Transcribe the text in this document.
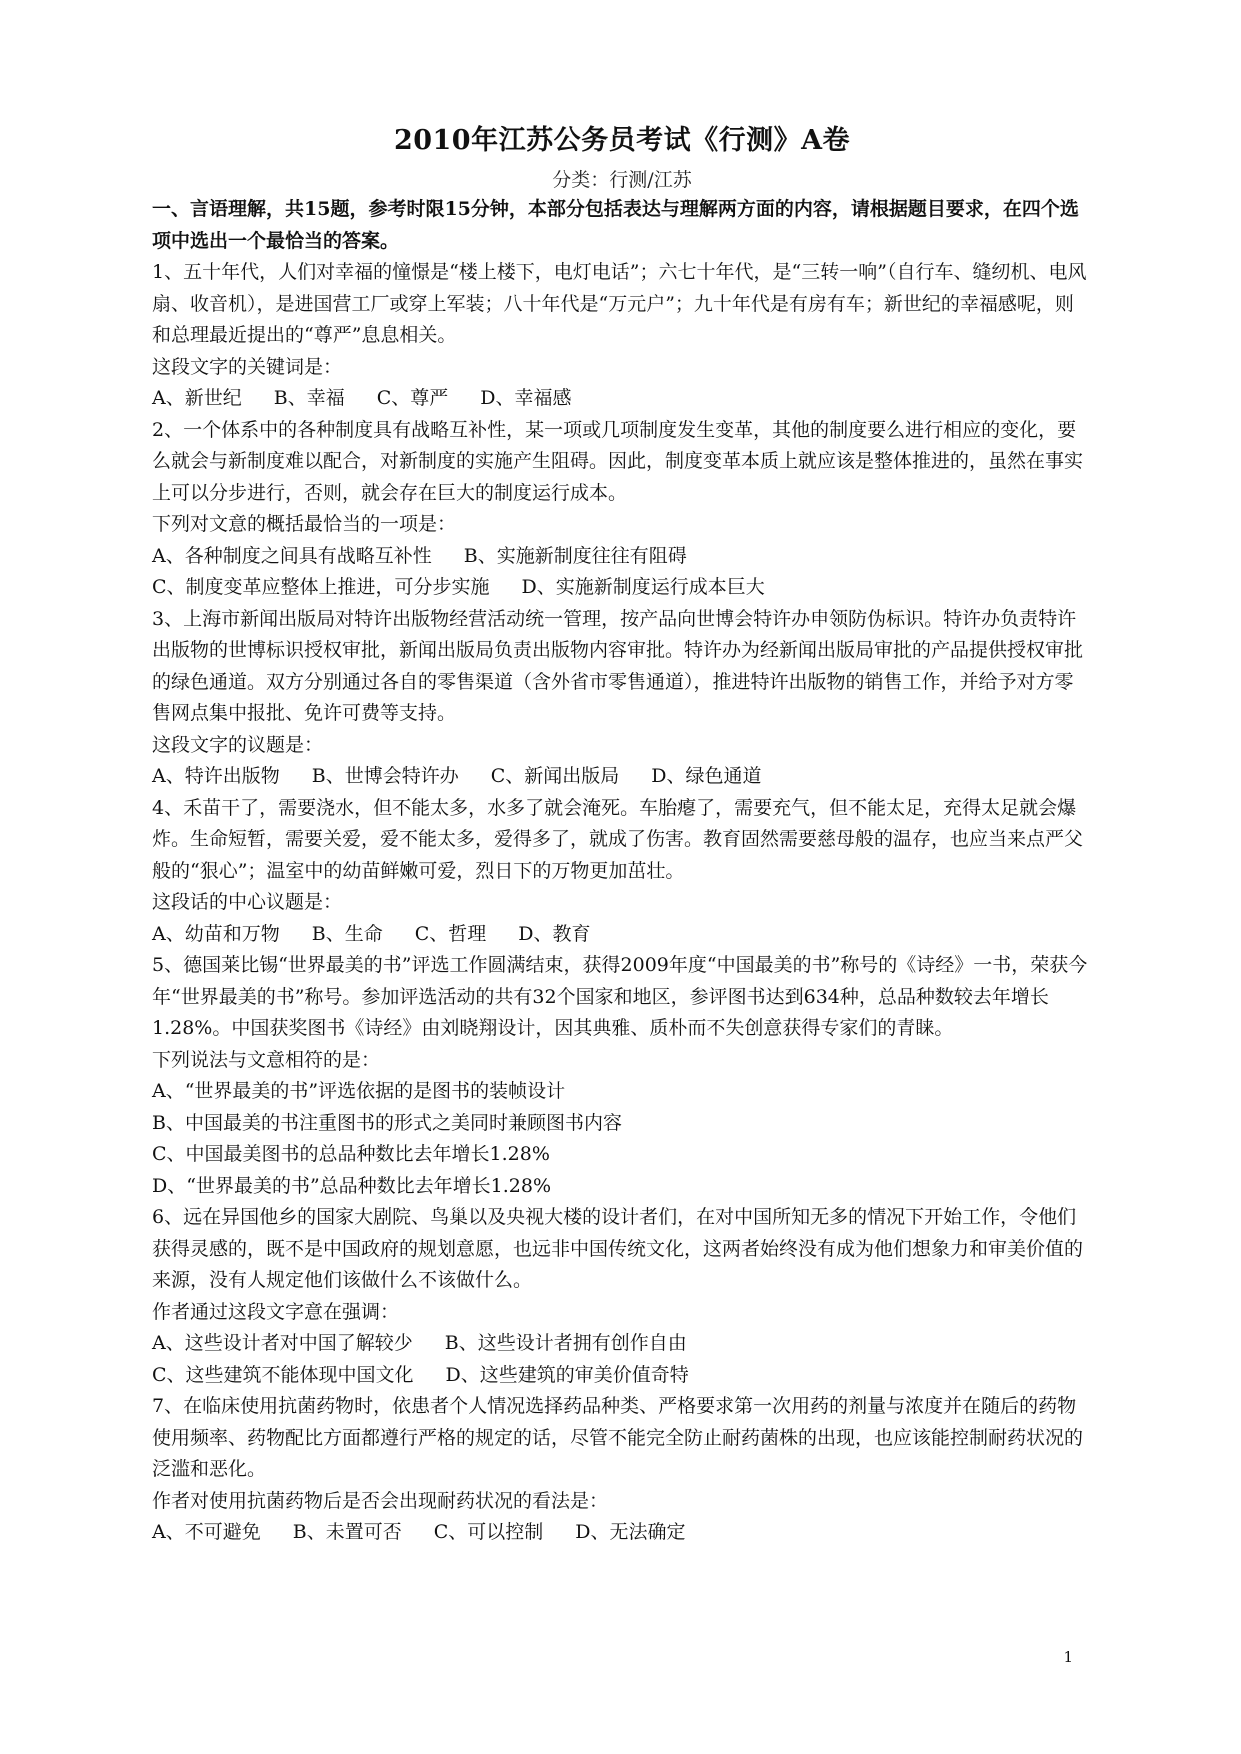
2010年江苏公务员考试《行测》A卷
分类：行测/江苏
一、言语理解，共15题，参考时限15分钟，本部分包括表达与理解两方面的内容，请根据题目要求，在四个选项中选出一个最恰当的答案。
1、五十年代，人们对幸福的憧憬是“楼上楼下，电灯电话”；六七十年代，是“三转一响”（自行车、缝纫机、电风扇、收音机），是进国营工厂或穿上军装；八十年代是“万元户”；九十年代是有房有车；新世纪的幸福感呢，则和总理最近提出的“尊严”息息相关。
这段文字的关键词是：
A、新世纪 B、幸福 C、尊严 D、幸福感
2、一个体系中的各种制度具有战略互补性，某一项或几项制度发生变革，其他的制度要么进行相应的变化，要么就会与新制度难以配合，对新制度的实施产生阻碍。因此，制度变革本质上就应该是整体推进的，虽然在事实上可以分步进行，否则，就会存在巨大的制度运行成本。
下列对文意的概括最恰当的一项是：
A、各种制度之间具有战略互补性 B、实施新制度往往有阻碍
C、制度变革应整体上推进，可分步实施 D、实施新制度运行成本巨大
3、上海市新闻出版局对特许出版物经营活动统一管理，按产品向世博会特许办申领防伪标识。特许办负责特许出版物的世博标识授权审批，新闻出版局负责出版物内容审批。特许办为经新闻出版局审批的产品提供授权审批的绿色通道。双方分别通过各自的零售渠道（含外省市零售通道），推进特许出版物的销售工作，并给予对方零售网点集中报批、免许可费等支持。
这段文字的议题是：
A、特许出版物 B、世博会特许办 C、新闻出版局 D、绿色通道
4、禾苗干了，需要浇水，但不能太多，水多了就会淹死。车胎瘪了，需要充气，但不能太足，充得太足就会爆炸。生命短暂，需要关爱，爱不能太多，爱得多了，就成了伤害。教育固然需要慈母般的温存，也应当来点严父般的“狠心”；温室中的幼苗鲜嫩可爱，烈日下的万物更加茁壮。
这段话的中心议题是：
A、幼苗和万物 B、生命 C、哲理 D、教育
5、德国莱比锡“世界最美的书”评选工作圆满结束，获得2009年度“中国最美的书”称号的《诗经》一书，荣获今年“世界最美的书”称号。参加评选活动的共有32个国家和地区，参评图书达到634种，总品种数较去年增长1.28%。中国获奖图书《诗经》由刘晓翔设计，因其典雅、质朴而不失创意获得专家们的青睐。
下列说法与文意相符的是：
A、“世界最美的书”评选依据的是图书的装帧设计
B、中国最美的书注重图书的形式之美同时兼顾图书内容
C、中国最美图书的总品种数比去年增长1.28%
D、“世界最美的书”总品种数比去年增长1.28%
6、远在异国他乡的国家大剧院、鸟巢以及央视大楼的设计者们，在对中国所知无多的情况下开始工作，令他们获得灵感的，既不是中国政府的规划意愿，也远非中国传统文化，这两者始终没有成为他们想象力和审美价值的来源，没有人规定他们该做什么不该做什么。
作者通过这段文字意在强调：
A、这些设计者对中国了解较少 B、这些设计者拥有创作自由
C、这些建筑不能体现中国文化 D、这些建筑的审美价值奇特
7、在临床使用抗菌药物时，依患者个人情况选择药品种类、严格要求第一次用药的剂量与浓度并在随后的药物使用频率、药物配比方面都遵行严格的规定的话，尽管不能完全防止耐药菌株的出现，也应该能控制耐药状况的泛滥和恶化。
作者对使用抗菌药物后是否会出现耐药状况的看法是：
A、不可避免 B、未置可否 C、可以控制 D、无法确定
1
